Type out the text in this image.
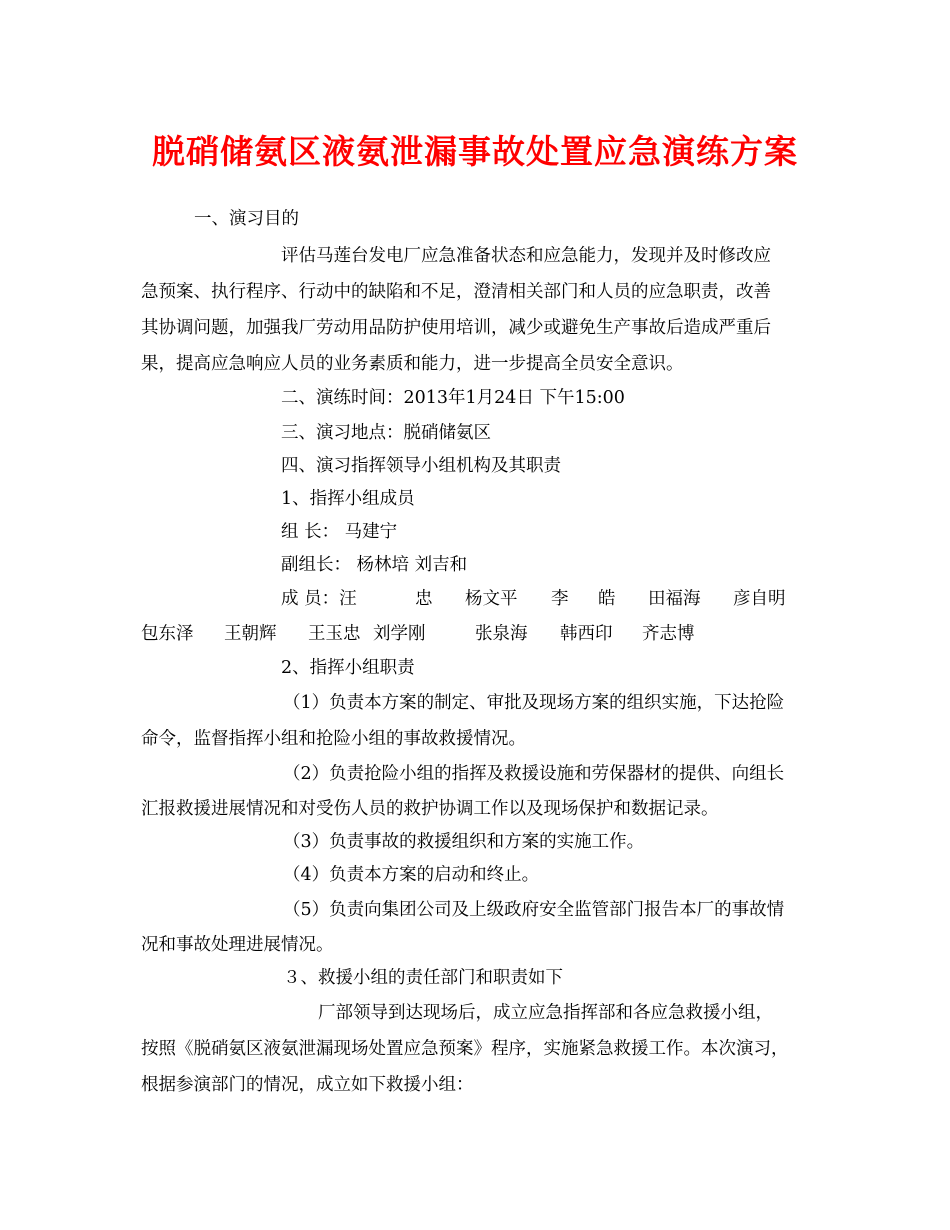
脱硝储氨区液氨泄漏事故处置应急演练方案
一、演习目的
评估马莲台发电厂应急准备状态和应急能力，发现并及时修改应
急预案、执行程序、行动中的缺陷和不足，澄清相关部门和人员的应急职责，改善
其协调问题，加强我厂劳动用品防护使用培训，减少或避免生产事故后造成严重后
果，提高应急响应人员的业务素质和能力，进一步提高全员安全意识。
二、演练时间：2013年1月24日 下午15:00
三、演习地点：脱硝储氨区
四、演习指挥领导小组机构及其职责
1、指挥小组成员
组 长： 马建宁
副组长： 杨林培 刘吉和
成 员：汪	忠 杨文平 李 皓 田福海 彦自明
包东泽 王朝辉 王玉忠 刘学刚	张泉海 韩西印 齐志博
2、指挥小组职责
（1）负责本方案的制定、审批及现场方案的组织实施，下达抢险
命令，监督指挥小组和抢险小组的事故救援情况。
（2）负责抢险小组的指挥及救援设施和劳保器材的提供、向组长
汇报救援进展情况和对受伤人员的救护协调工作以及现场保护和数据记录。
（3）负责事故的救援组织和方案的实施工作。
（4）负责本方案的启动和终止。
（5）负责向集团公司及上级政府安全监管部门报告本厂的事故情
况和事故处理进展情况。
３、救援小组的责任部门和职责如下
厂部领导到达现场后，成立应急指挥部和各应急救援小组，
按照《脱硝氨区液氨泄漏现场处置应急预案》程序，实施紧急救援工作。本次演习，
根据参演部门的情况，成立如下救援小组：
